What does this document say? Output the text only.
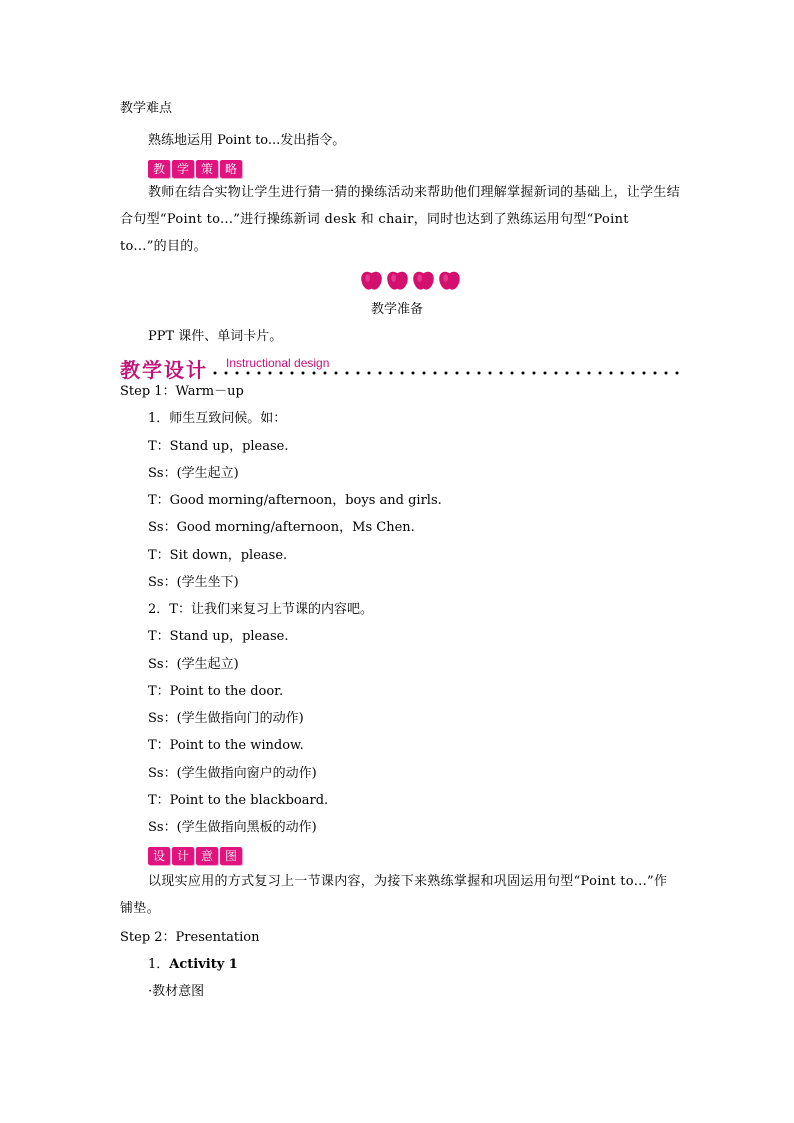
教学难点
熟练地运用 Point to...发出指令。
教 学 策 略
教师在结合实物让学生进行猜一猜的操练活动来帮助他们理解掌握新词的基础上，让学生结合句型“Point to...”进行操练新词 desk 和 chair，同时也达到了熟练运用句型“Point to...”的目的。
教学准备
PPT 课件、单词卡片。
教学设计 Instructional design
Step 1：Warm－up
1．师生互致问候。如：
T：Stand up，please.
Ss：(学生起立)
T：Good morning/afternoon，boys and girls.
Ss：Good morning/afternoon，Ms Chen.
T：Sit down，please.
Ss：(学生坐下)
2．T：让我们来复习上节课的内容吧。
T：Stand up，please.
Ss：(学生起立)
T：Point to the door.
Ss：(学生做指向门的动作)
T：Point to the window.
Ss：(学生做指向窗户的动作)
T：Point to the blackboard.
Ss：(学生做指向黑板的动作)
设 计 意 图
以现实应用的方式复习上一节课内容，为接下来熟练掌握和巩固运用句型“Point to...”作铺垫。
Step 2：Presentation
1．Activity 1
·教材意图
